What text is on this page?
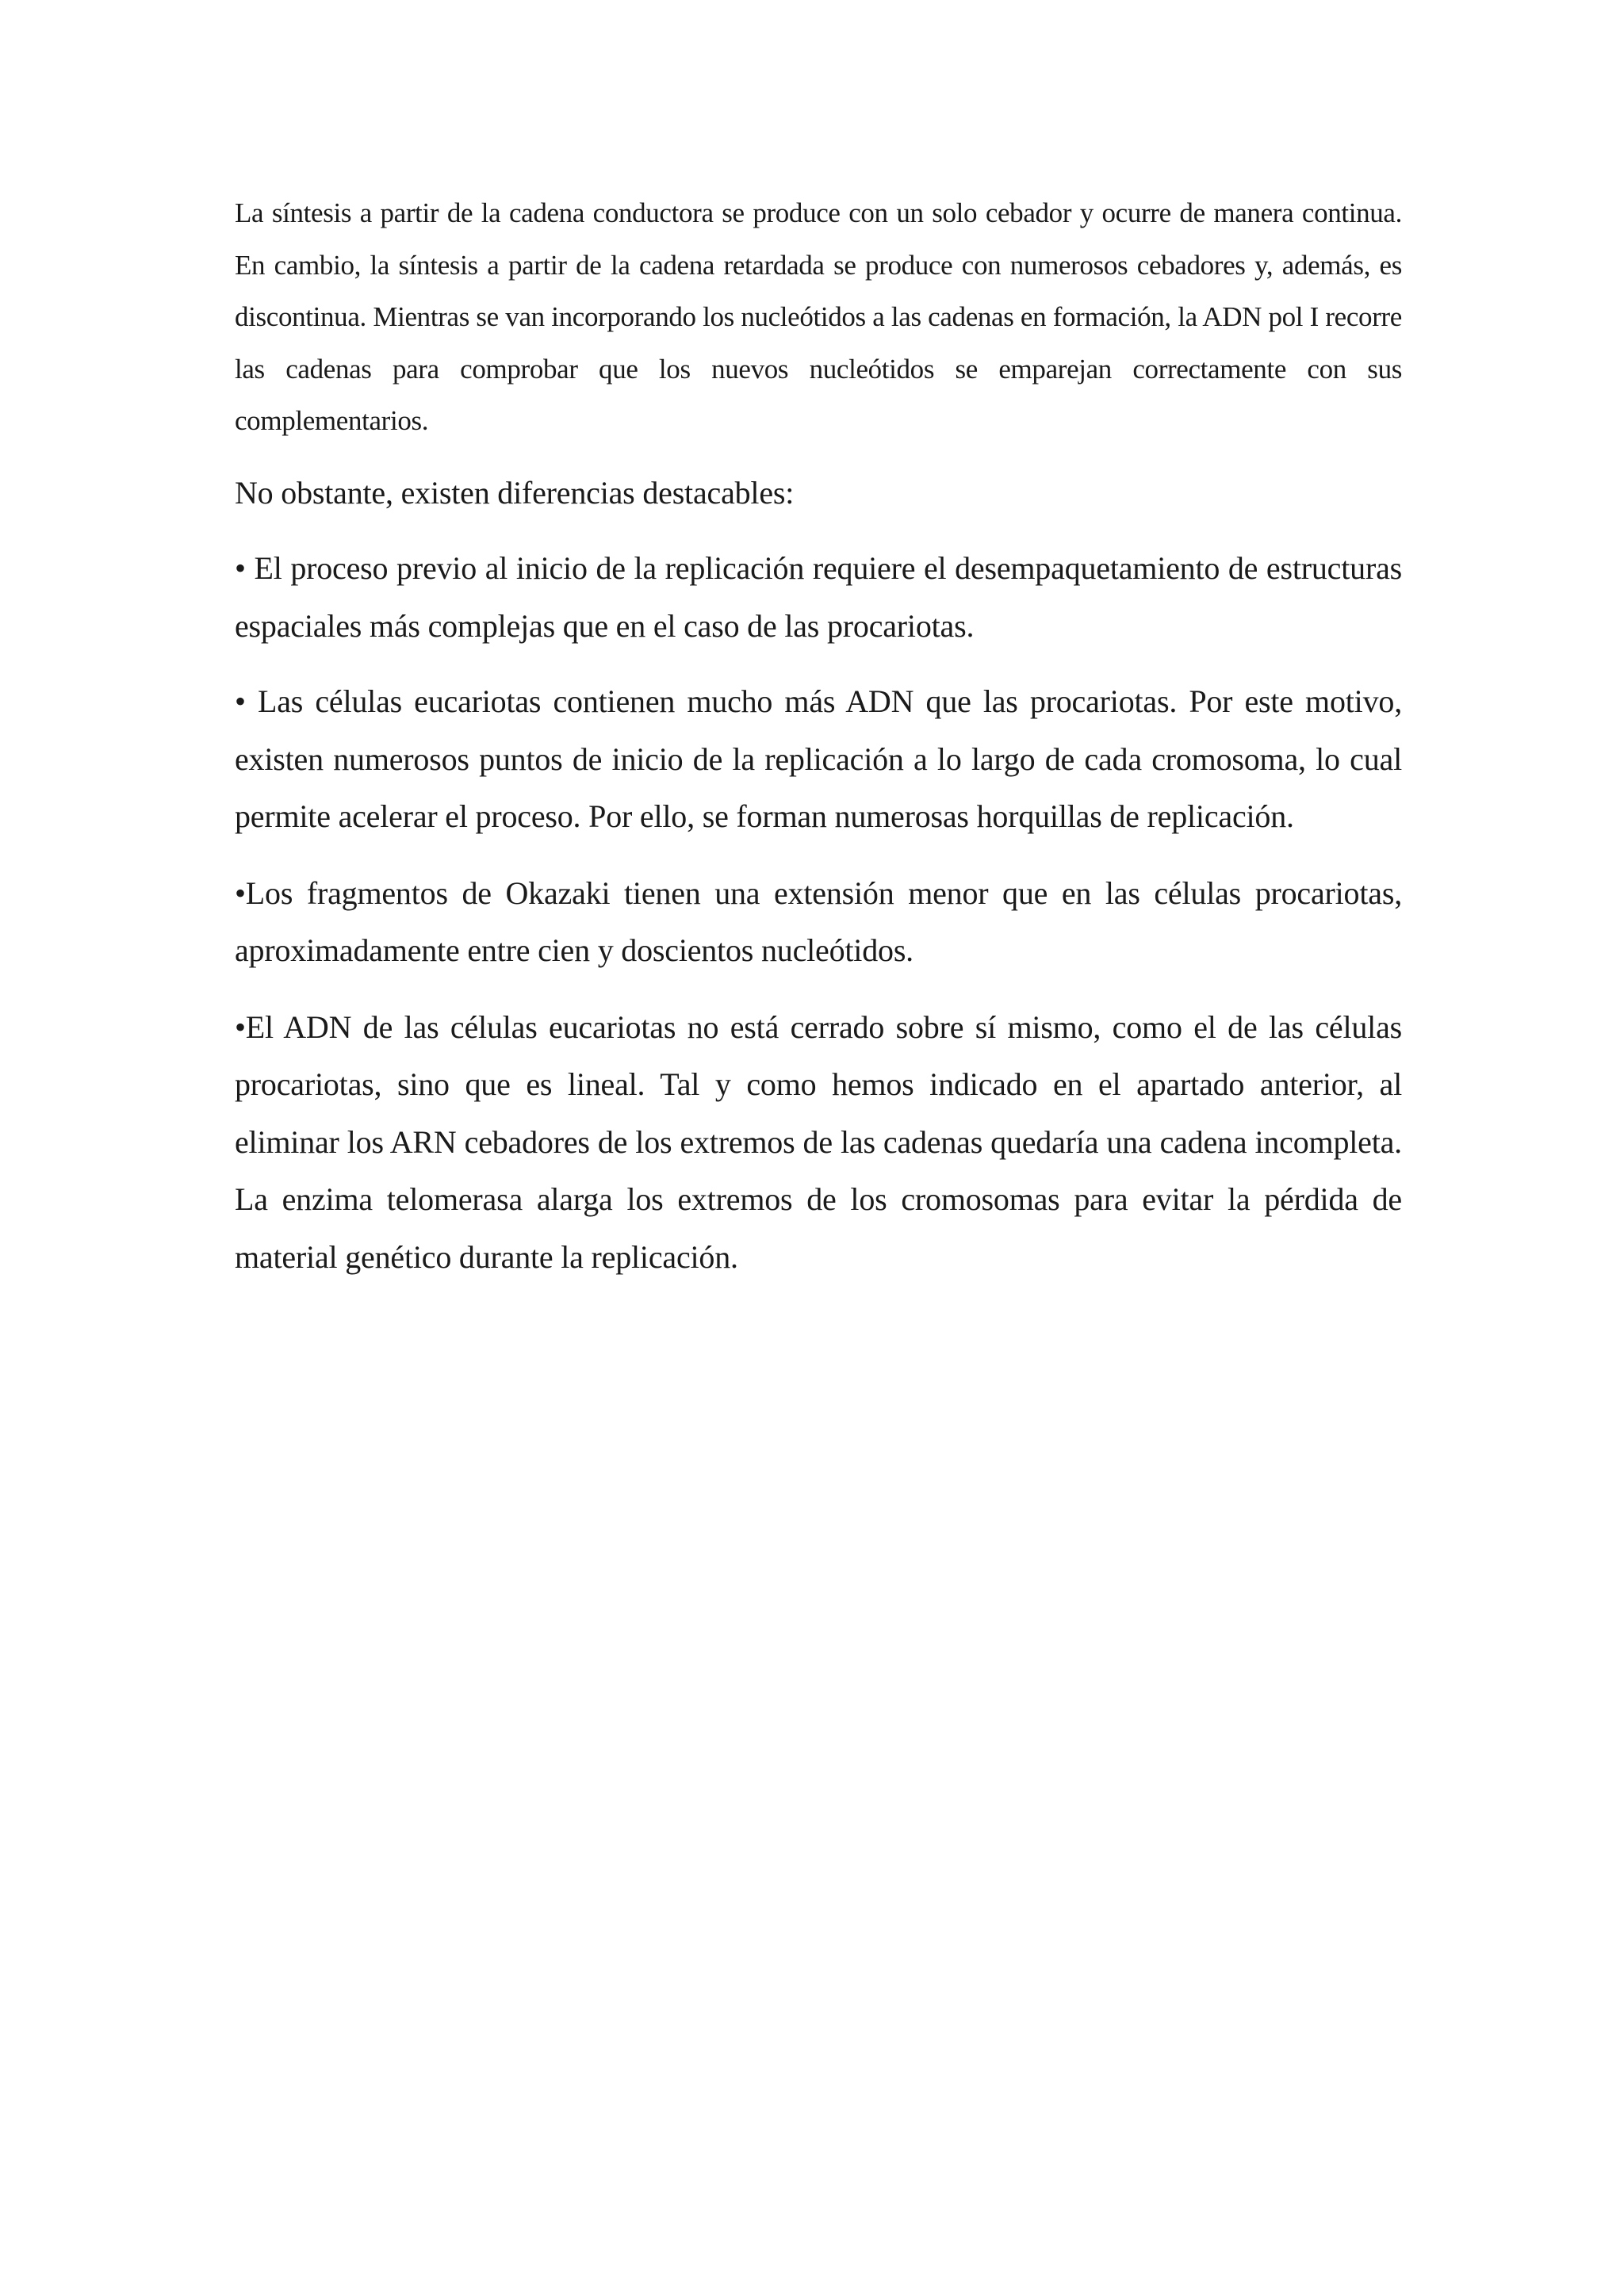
La síntesis a partir de la cadena conductora se produce con un solo cebador y ocurre de manera continua. En cambio, la síntesis a partir de la cadena retardada se produce con numerosos cebadores y, además, es discontinua. Mientras se van incorporando los nucleótidos a las cadenas en formación, la ADN pol I recorre las cadenas para comprobar que los nuevos nucleótidos se emparejan correctamente con sus complementarios.

No obstante, existen diferencias destacables:

• El proceso previo al inicio de la replicación requiere el desempaquetamiento de estructuras espaciales más complejas que en el caso de las procariotas.

• Las células eucariotas contienen mucho más ADN que las procariotas. Por este motivo, existen numerosos puntos de inicio de la replicación a lo largo de cada cromosoma, lo cual permite acelerar el proceso. Por ello, se forman numerosas horquillas de replicación.

•Los fragmentos de Okazaki tienen una extensión menor que en las células procariotas, aproximadamente entre cien y doscientos nucleótidos.

•El ADN de las células eucariotas no está cerrado sobre sí mismo, como el de las células procariotas, sino que es lineal. Tal y como hemos indicado en el apartado anterior, al eliminar los ARN cebadores de los extremos de las cadenas quedaría una cadena incompleta. La enzima telomerasa alarga los extremos de los cromosomas para evitar la pérdida de material genético durante la replicación.
